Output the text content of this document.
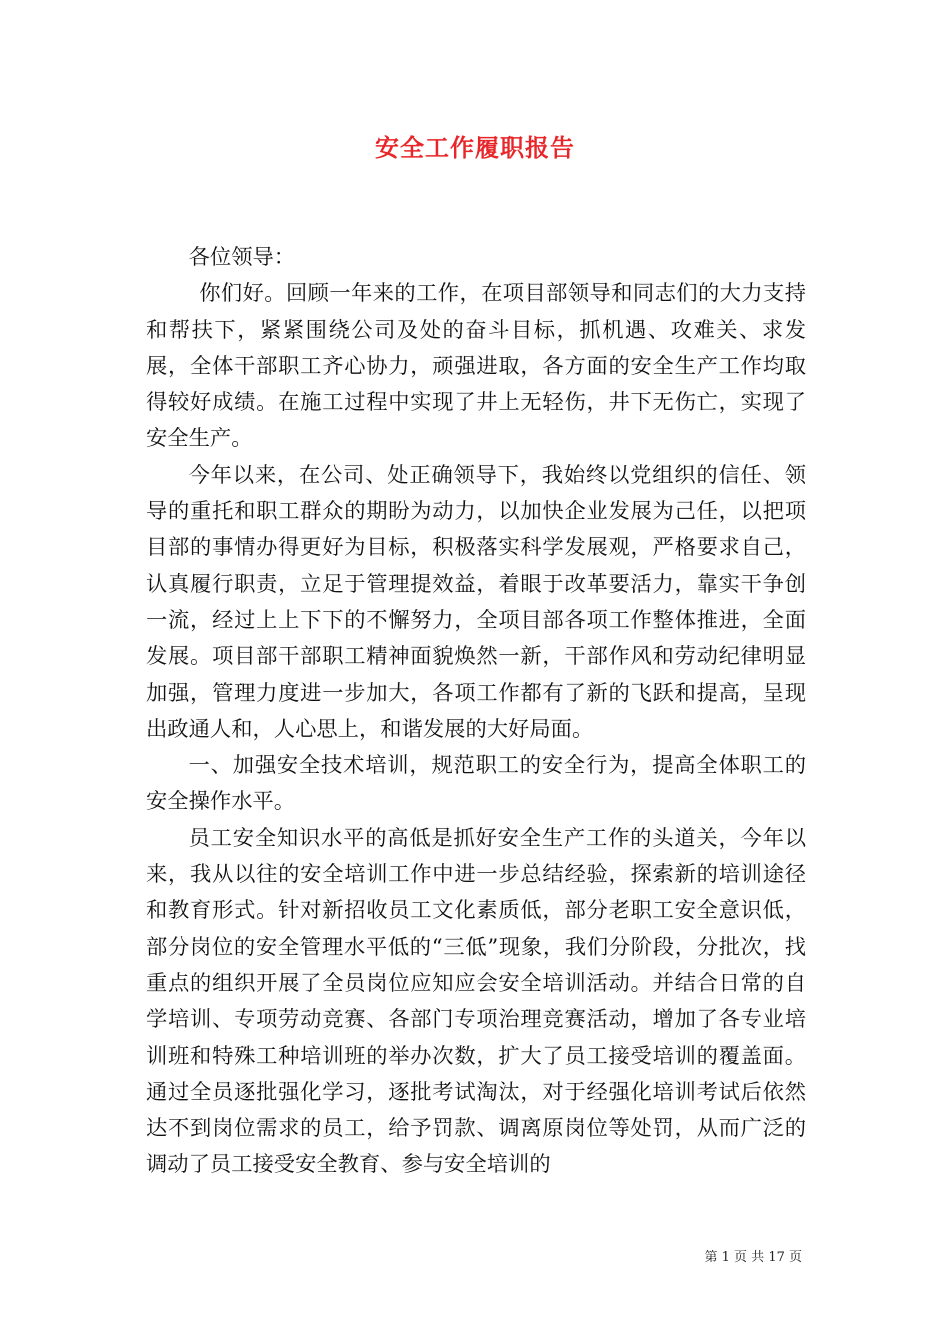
安全工作履职报告

各位领导：

你们好。回顾一年来的工作，在项目部领导和同志们的大力支持和帮扶下，紧紧围绕公司及处的奋斗目标，抓机遇、攻难关、求发展，全体干部职工齐心协力，顽强进取，各方面的安全生产工作均取得较好成绩。在施工过程中实现了井上无轻伤，井下无伤亡，实现了安全生产。

今年以来，在公司、处正确领导下，我始终以党组织的信任、领导的重托和职工群众的期盼为动力，以加快企业发展为己任，以把项目部的事情办得更好为目标，积极落实科学发展观，严格要求自己，认真履行职责，立足于管理提效益，着眼于改革要活力，靠实干争创一流，经过上上下下的不懈努力，全项目部各项工作整体推进，全面发展。项目部干部职工精神面貌焕然一新，干部作风和劳动纪律明显加强，管理力度进一步加大，各项工作都有了新的飞跃和提高，呈现出政通人和，人心思上，和谐发展的大好局面。

一、加强安全技术培训，规范职工的安全行为，提高全体职工的安全操作水平。

员工安全知识水平的高低是抓好安全生产工作的头道关，今年以来，我从以往的安全培训工作中进一步总结经验，探索新的培训途径和教育形式。针对新招收员工文化素质低，部分老职工安全意识低，部分岗位的安全管理水平低的“三低”现象，我们分阶段，分批次，找重点的组织开展了全员岗位应知应会安全培训活动。并结合日常的自学培训、专项劳动竞赛、各部门专项治理竞赛活动，增加了各专业培训班和特殊工种培训班的举办次数，扩大了员工接受培训的覆盖面。通过全员逐批强化学习，逐批考试淘汰，对于经强化培训考试后依然达不到岗位需求的员工，给予罚款、调离原岗位等处罚，从而广泛的调动了员工接受安全教育、参与安全培训的

第 1 页 共 17 页
